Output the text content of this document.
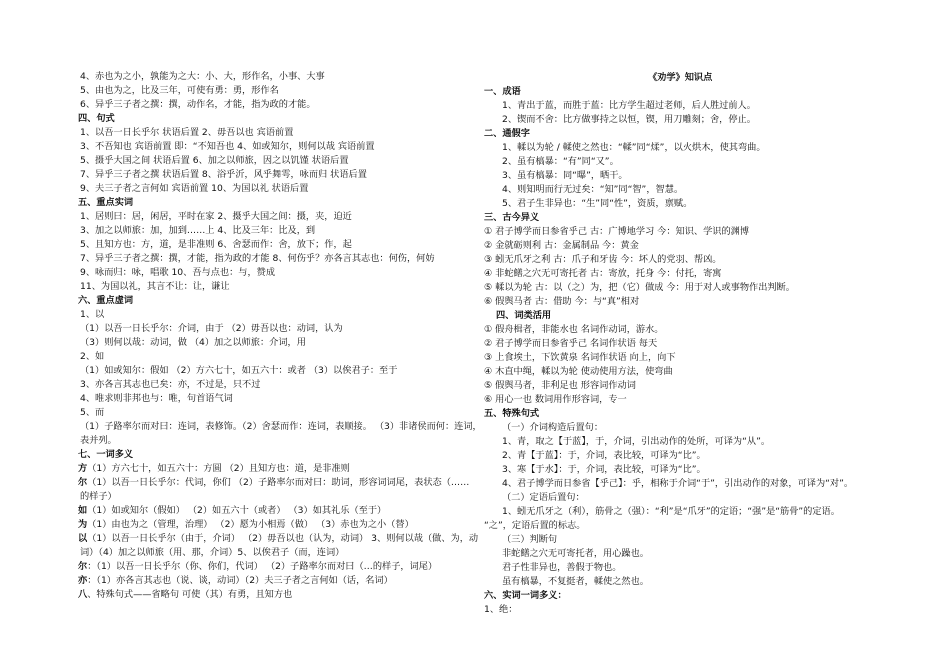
4、赤也为之小，孰能为之大：小、大，形作名，小事、大事
5、由也为之，比及三年，可使有勇：勇，形作名
6、异乎三子者之撰：撰，动作名，才能，指为政的才能。
四、句式
1、以吾一日长乎尔 状语后置 2、毋吾以也 宾语前置
3、不吾知也 宾语前置 即：“不知吾也 4、如或知尔，则何以哉 宾语前置
5、摄乎大国之间 状语后置 6、加之以师旅，因之以饥馑 状语后置
7、异乎三子者之撰 状语后置 8、浴乎沂，风乎舞雩，咏而归 状语后置
9、夫三子者之言何如 宾语前置 10、为国以礼 状语后置
五、重点实词
1、居则曰：居，闲居，平时在家 2、摄乎大国之间：摄，夹，迫近
3、加之以师旅：加，加到……上 4、比及三年：比及，到
5、且知方也：方，道，是非准则 6、舍瑟而作：舍，放下；作，起
7、异乎三子者之撰：撰，才能，指为政的才能 8、何伤乎？亦各言其志也：何伤，何妨
9、咏而归：咏，唱歌 10、吾与点也：与，赞成
11、为国以礼，其言不让：让，谦让
六、重点虚词
1、以
（1）以吾一日长乎尔：介词，由于 （2）毋吾以也：动词，认为
（3）则何以哉：动词，做 （4）加之以师旅：介词，用
2、如
（1）如或知尔：假如 （2）方六七十，如五六十：或者 （3）以俟君子：至于
3、亦各言其志也已矣：亦，不过是，只不过
4、唯求则非邦也与：唯，句首语气词
5、而
（1）子路率尔而对曰：连词，表修饰。（2）舍瑟而作：连词，表顺接。 （3）非诸侯而何：连词，
表并列。
七、一词多义
方（1）方六七十，如五六十：方圆 （2）且知方也：道，是非准则
尔（1）以吾一日长乎尔：代词，你们 （2）子路率尔而对曰：助词，形容词词尾，表状态（……
的样子）
如（1）如或知尔（假如） （2）如五六十（或者） （3）如其礼乐（至于）
为（1）由也为之（管理，治理） （2）愿为小相焉（做） （3）赤也为之小（替）
以（1）以吾一日长乎尔（由于，介词） （2）毋吾以也（认为，动词） 3、则何以哉（做、为，动
词）（4）加之以师旅（用、那，介词）5、以俟君子（而，连词）
尔：（1）以吾一日长乎尔（你、你们，代词） （2）子路率尔而对曰（…的样子，词尾）
亦：（1）亦各言其志也（说、谈，动词）（2）夫三子者之言何如（话，名词）
八、特殊句式——省略句 可使（其）有勇，且知方也
《劝学》知识点
一、成语
1、青出于蓝，而胜于蓝：比方学生超过老师，后人胜过前人。
2、锲而不舍：比方做事持之以恒，锲，用刀雕刻；舍，停止。
二、通假字
1、輮以为轮 / 輮使之然也：“輮”同“煣”，以火烘木，使其弯曲。
2、虽有槁暴：“有”同“又”。
3、虽有槁暴：同“曝”，晒干。
4、则知明而行无过矣：“知”同“智”，智慧。
5、君子生非异也：“生”同“性”，资质，禀赋。
三、古今异义
① 君子博学而日参省乎己 古：广博地学习 今：知识、学识的渊博
② 金就砺则利 古：金属制品 今：黄金
③ 蚓无爪牙之利 古：爪子和牙齿 今：坏人的党羽、帮凶。
④ 非蛇鳝之穴无可寄托者 古：寄放，托身 今：付托，寄寓
⑤ 輮以为轮 古：以（之）为，把（它）做成 今：用于对人或事物作出判断。
⑥ 假舆马者 古：借助 今：与“真”相对
四、词类活用
① 假舟楫者，非能水也 名词作动词，游水。
② 君子博学而日参省乎己 名词作状语 每天
③ 上食埃土，下饮黄泉 名词作状语 向上，向下
④ 木直中绳，輮以为轮 使动使用方法，使弯曲
⑤ 假舆马者，非利足也 形容词作动词
⑥ 用心一也 数词用作形容词，专一
五、特殊句式
（一）介词构造后置句：
1、青，取之【于蓝】，于，介词，引出动作的处所，可译为“从”。
2、青【于蓝】：于，介词，表比较，可译为“比”。
3、寒【于水】：于，介词，表比较，可译为“比”。
4、君子博学而日参省【乎己】：乎，相称于介词“于”，引出动作的对象，可译为“对”。
（二）定语后置句：
1、蚓无爪牙之（利），筋骨之（强）：“利”是“爪牙”的定语；“强”是“筋骨”的定语。
“之”，定语后置的标志。
（三）判断句
非蛇鳝之穴无可寄托者，用心躁也。
君子性非异也，善假于物也。
虽有槁暴，不复挺者，輮使之然也。
六、实词一词多义：
1、绝：
